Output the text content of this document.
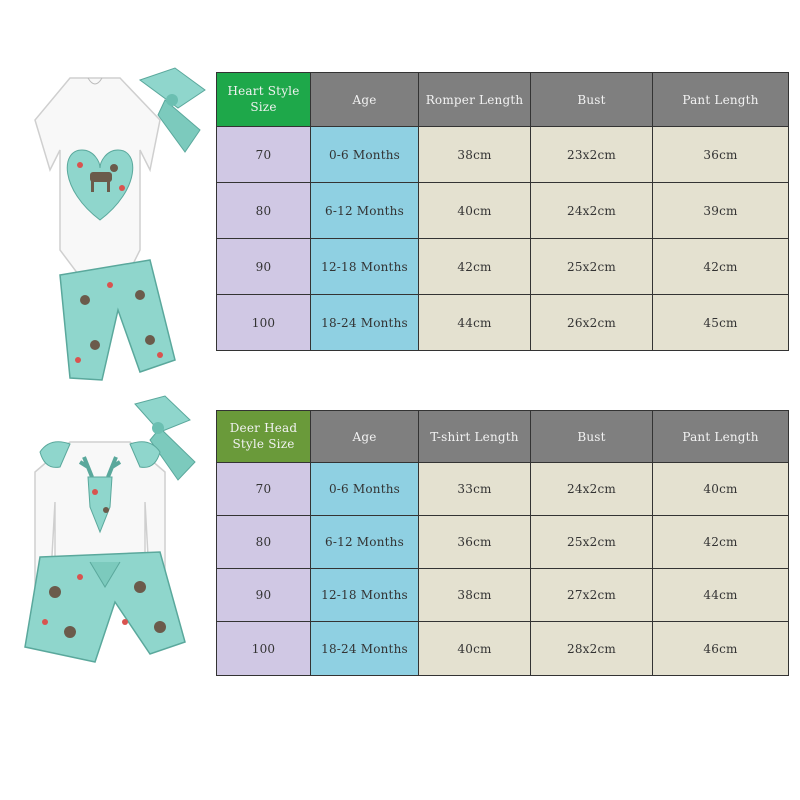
Heart Style
Size	Age	Romper Length	Bust	Pant Length
70	0-6 Months	38cm	23x2cm	36cm
80	6-12 Months	40cm	24x2cm	39cm
90	12-18 Months	42cm	25x2cm	42cm
100	18-24 Months	44cm	26x2cm	45cm
Deer Head
Style Size	Age	T-shirt Length	Bust	Pant Length
70	0-6 Months	33cm	24x2cm	40cm
80	6-12 Months	36cm	25x2cm	42cm
90	12-18 Months	38cm	27x2cm	44cm
100	18-24 Months	40cm	28x2cm	46cm
